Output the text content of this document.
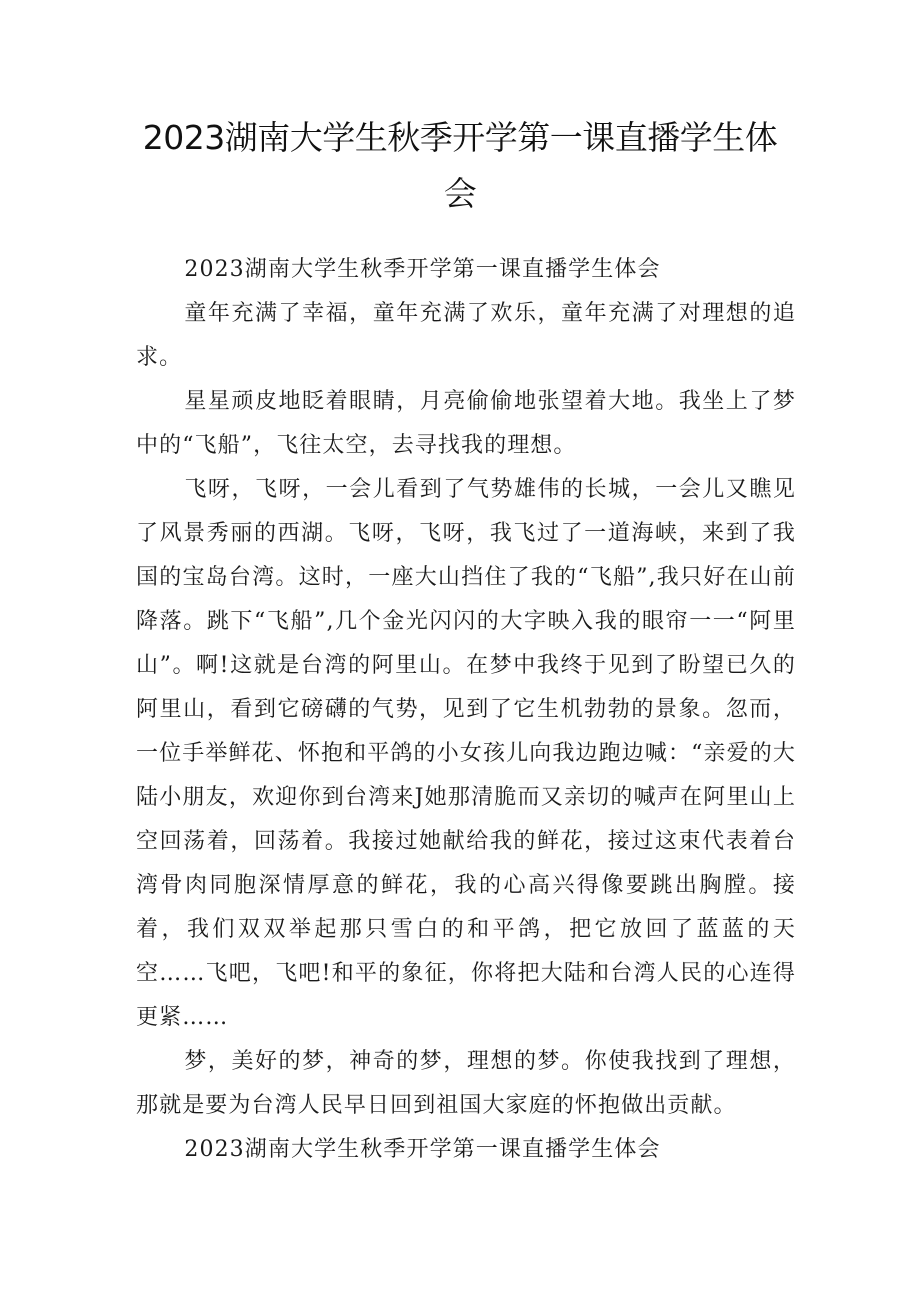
2023湖南大学生秋季开学第一课直播学生体会

2023湖南大学生秋季开学第一课直播学生体会

童年充满了幸福，童年充满了欢乐，童年充满了对理想的追求。

星星顽皮地眨着眼睛，月亮偷偷地张望着大地。我坐上了梦中的“飞船”，飞往太空，去寻找我的理想。

飞呀，飞呀，一会儿看到了气势雄伟的长城，一会儿又瞧见了风景秀丽的西湖。飞呀，飞呀，我飞过了一道海峡，来到了我国的宝岛台湾。这时，一座大山挡住了我的“飞船”,我只好在山前降落。跳下“飞船”,几个金光闪闪的大字映入我的眼帘一一“阿里山”。啊!这就是台湾的阿里山。在梦中我终于见到了盼望已久的阿里山，看到它磅礴的气势，见到了它生机勃勃的景象。忽而，一位手举鲜花、怀抱和平鸽的小女孩儿向我边跑边喊：“亲爱的大陆小朋友，欢迎你到台湾来J她那清脆而又亲切的喊声在阿里山上空回荡着，回荡着。我接过她献给我的鲜花，接过这束代表着台湾骨肉同胞深情厚意的鲜花，我的心高兴得像要跳出胸膛。接着，我们双双举起那只雪白的和平鸽，把它放回了蓝蓝的天空……飞吧，飞吧!和平的象征，你将把大陆和台湾人民的心连得更紧……

梦，美好的梦，神奇的梦，理想的梦。你使我找到了理想，那就是要为台湾人民早日回到祖国大家庭的怀抱做出贡献。

2023湖南大学生秋季开学第一课直播学生体会
